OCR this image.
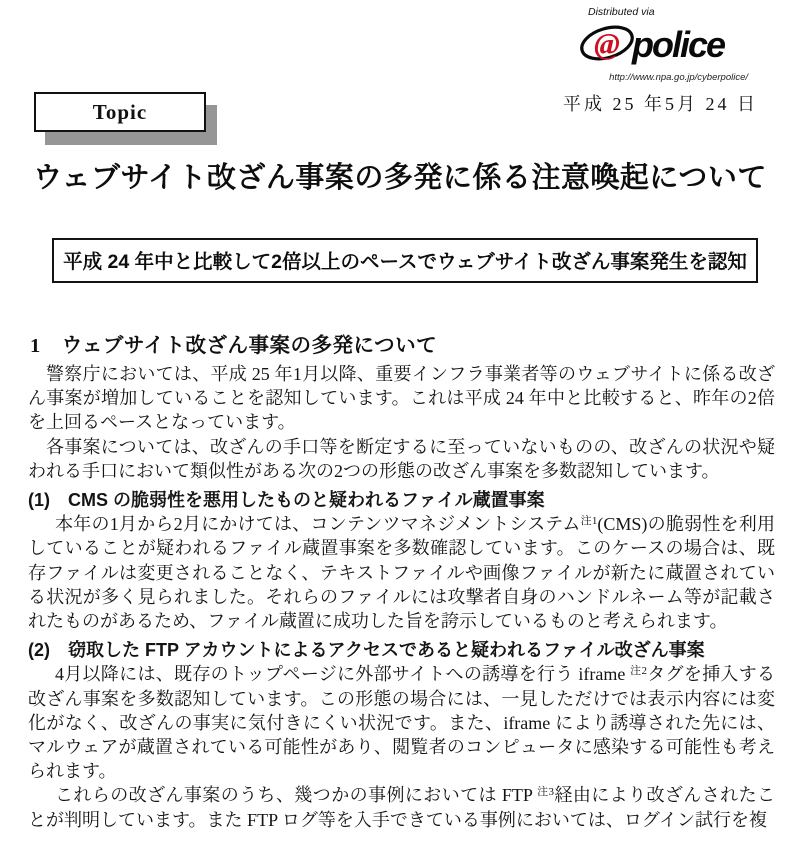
Distributed via
@ police
http://www.npa.go.jp/cyberpolice/
平成 25 年5月 24 日
Topic
ウェブサイト改ざん事案の多発に係る注意喚起について
平成 24 年中と比較して2倍以上のペースでウェブサイト改ざん事案発生を認知
1　ウェブサイト改ざん事案の多発について

警察庁においては、平成 25 年1月以降、重要インフラ事業者等のウェブサイトに係る改ざん事案が増加していることを認知しています。これは平成 24 年中と比較すると、昨年の2倍を上回るペースとなっています。

各事案については、改ざんの手口等を断定するに至っていないものの、改ざんの状況や疑われる手口において類似性がある次の2つの形態の改ざん事案を多数認知しています。

(1)　CMS の脆弱性を悪用したものと疑われるファイル蔵置事案

本年の1月から2月にかけては、コンテンツマネジメントシステム$^{注1}$(CMS)の脆弱性を利用していることが疑われるファイル蔵置事案を多数確認しています。このケースの場合は、既存ファイルは変更されることなく、テキストファイルや画像ファイルが新たに蔵置されている状況が多く見られました。それらのファイルには攻撃者自身のハンドルネーム等が記載されたものがあるため、ファイル蔵置に成功した旨を誇示しているものと考えられます。

(2)　窃取した FTP アカウントによるアクセスであると疑われるファイル改ざん事案

4月以降には、既存のトップページに外部サイトへの誘導を行う iframe $^{注2}$タグを挿入する改ざん事案を多数認知しています。この形態の場合には、一見しただけでは表示内容には変化がなく、改ざんの事実に気付きにくい状況です。また、iframe により誘導された先には、マルウェアが蔵置されている可能性があり、閲覧者のコンピュータに感染する可能性も考えられます。

これらの改ざん事案のうち、幾つかの事例においては FTP $^{注3}$経由により改ざんされたことが判明しています。また FTP ログ等を入手できている事例においては、ログイン試行を複
